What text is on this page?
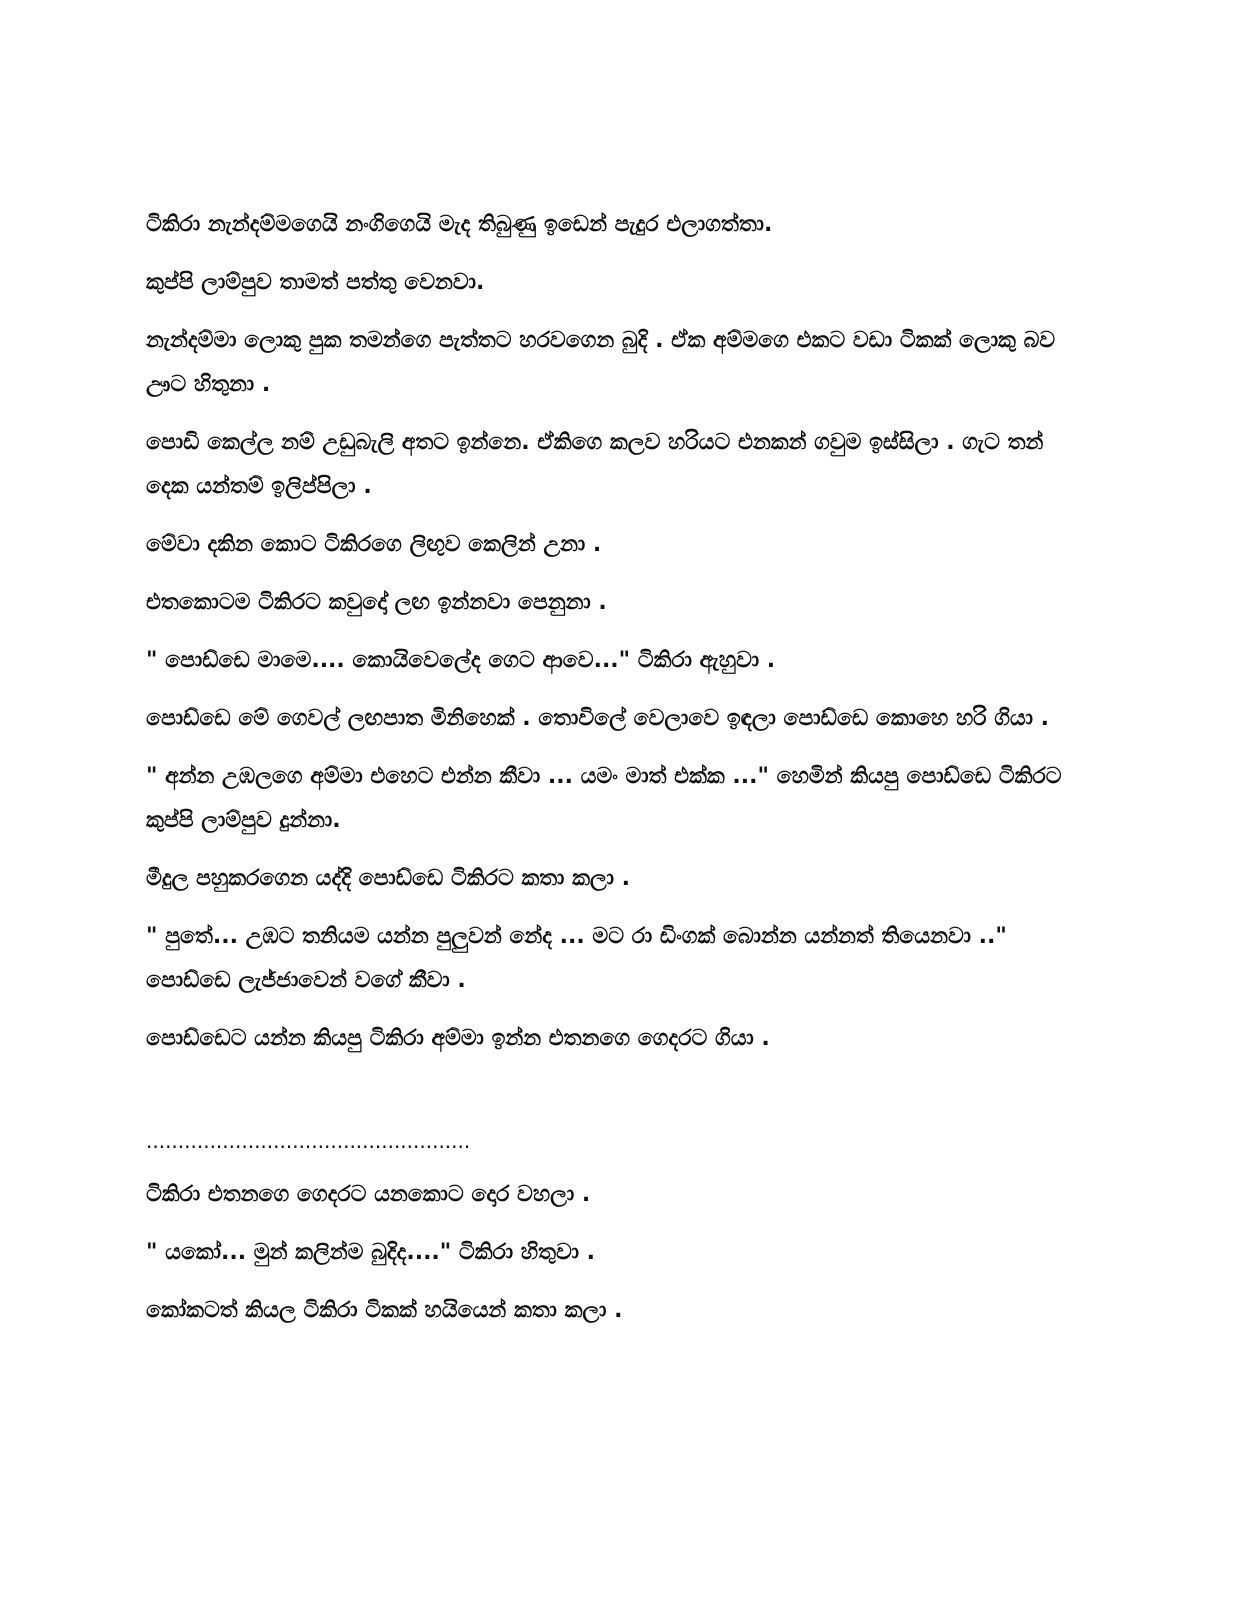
ටිකිරා නැන්දම්මගෙයි නංගිගෙයි මැද තිබුණු ඉඩෙන් පැදුර එලාගත්තා.

කුප්පි ලාම්පුව තාමත් පත්තු වෙනවා.

නැන්දම්මා ලොකු පුක තමන්ගෙ පැත්තට හරවගෙන බුදි . ඒක අම්මගෙ එකට වඩා ටිකක් ලොකු බව ඌට හිතුනා .

පොඩි කෙල්ල නම් උඩුබැලි අතට ඉන්නෙ. ඒකිගෙ කලව හරියට එනකන් ගවුම ඉස්සිලා . ගැට තන් දෙක යන්තම් ඉලිප්පිලා .

මේවා දකින කොට ටිකිරගෙ ලිඟුව කෙලින් උනා .

එතකොටම ටිකිරට කවුදෝ ලඟ ඉන්නවා පෙනුනා .

" පොඩ්ඩෙ මාමෙ.... කොයිවෙලේද ගෙට ආවෙ..." ටිකිරා ඇහුවා .

පොඩ්ඩෙ මේ ගෙවල් ලඟපාත මිනිහෙක් . තොවිලේ වෙලාවෙ ඉඳලා පොඩ්ඩෙ කොහෙ හරි ගියා .

" අන්න උඹලගෙ අම්මා එහෙට එන්න කීවා ... යමං මාත් එක්ක ..." හෙමින් කියපු පොඩ්ඩෙ ටිකිරට කුප්පි ලාම්පුව දුන්නා.

මීදුල පහුකරගෙන යද්දි පොඩ්ඩෙ ටිකිරට කතා කලා .

" පුතේ... උඹට තනියම යන්න පුලුවන් නේද ... මට රා ඩිංගක් බොන්න යන්නත් තියෙනවා .." පොඩ්ඩෙ ලැජ්ජාවෙන් වගේ කීවා .

පොඩ්ඩෙට යන්න කියපු ටිකිරා අම්මා ඉන්න එතනගෙ ගෙදරට ගියා .

...................................................

ටිකිරා එතනගෙ ගෙදරට යනකොට දොර වහලා .

" යකෝ... මුන් කලින්ම බුදිද...." ටිකිරා හිතුවා .

කෝකටත් කියල ටිකිරා ටිකක් හයියෙන් කතා කලා .
